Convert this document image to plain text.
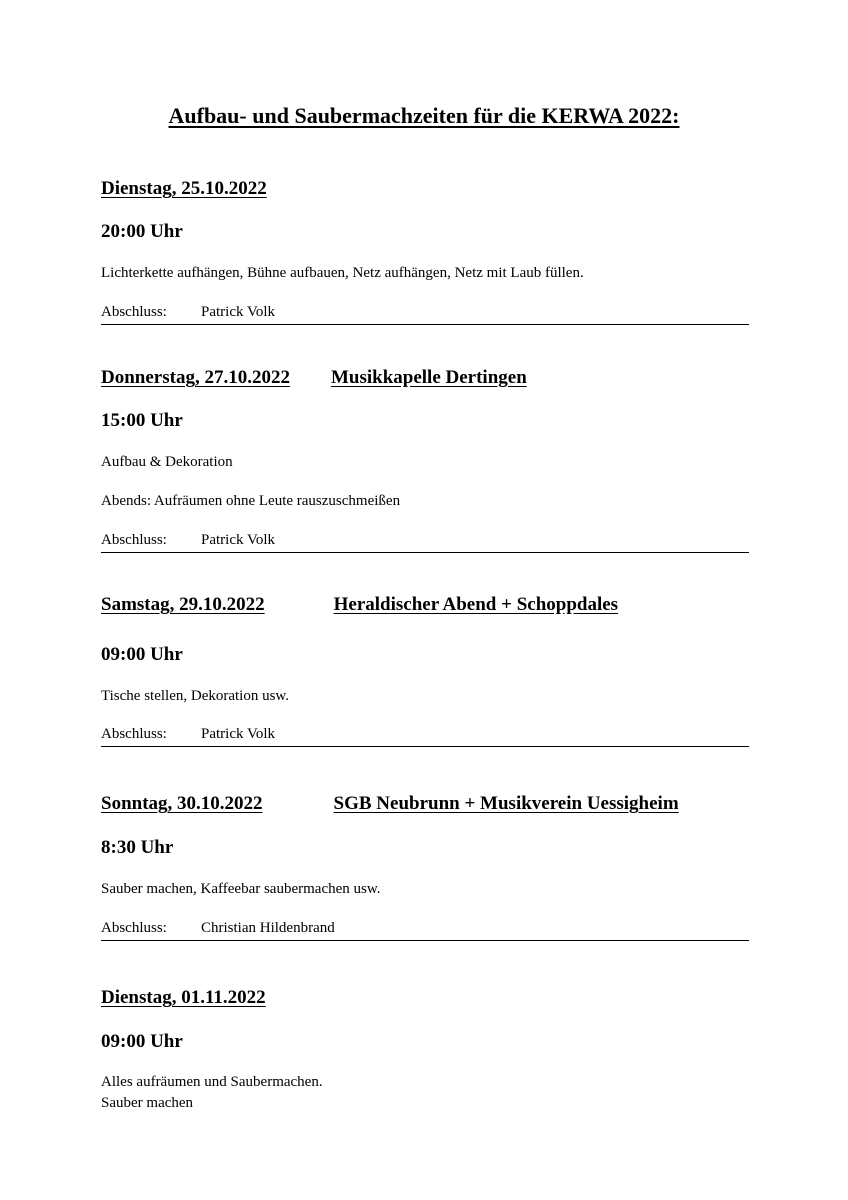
Aufbau- und Saubermachzeiten für die KERWA 2022:
Dienstag, 25.10.2022
20:00 Uhr
Lichterkette aufhängen, Bühne aufbauen, Netz aufhängen, Netz mit Laub füllen.
Abschluss: Patrick Volk
Donnerstag, 27.10.2022 Musikkapelle Dertingen
15:00 Uhr
Aufbau & Dekoration
Abends: Aufräumen ohne Leute rauszuschmeißen
Abschluss: Patrick Volk
Samstag, 29.10.2022	Heraldischer Abend + Schoppdales
09:00 Uhr
Tische stellen, Dekoration usw.
Abschluss: Patrick Volk
Sonntag, 30.10.2022	SGB Neubrunn + Musikverein Uessigheim
8:30 Uhr
Sauber machen, Kaffeebar saubermachen usw.
Abschluss: Christian Hildenbrand
Dienstag, 01.11.2022
09:00 Uhr
Alles aufräumen und Saubermachen.
Sauber machen
